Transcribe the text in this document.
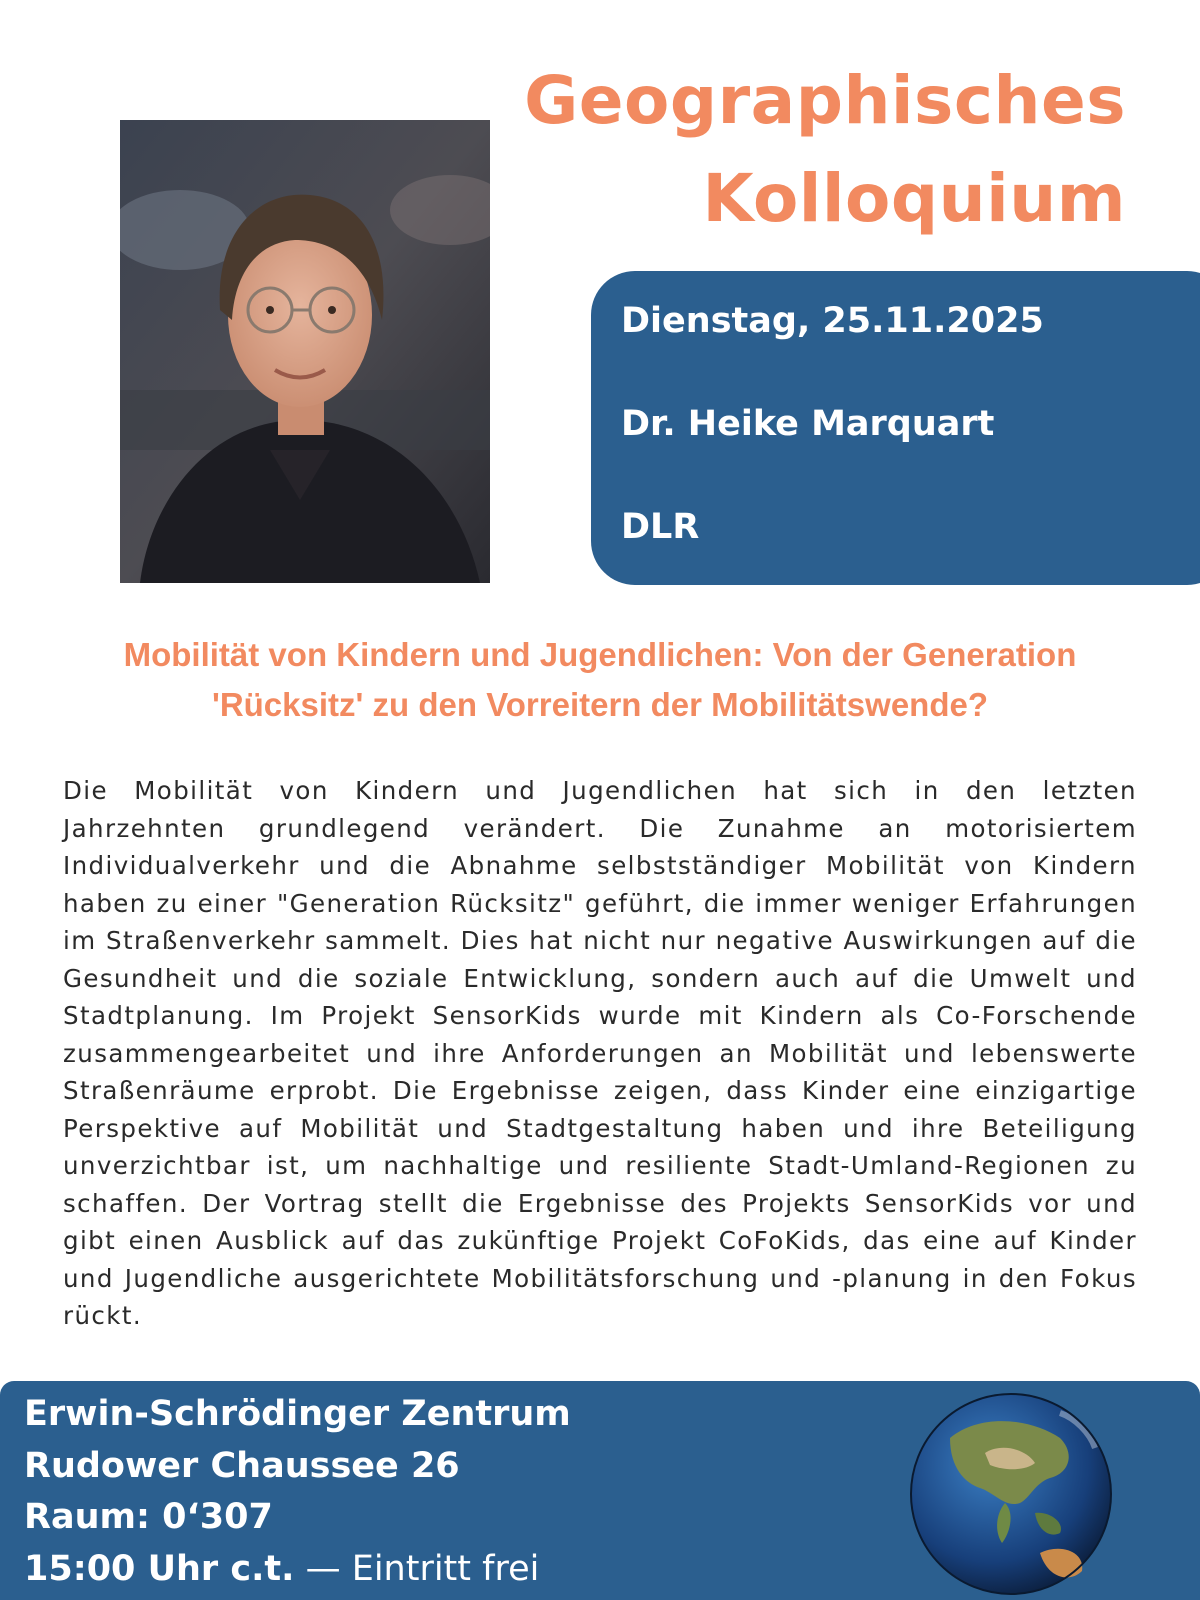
Geographisches
Kolloquium
Dienstag, 25.11.2025
Dr. Heike Marquart
DLR
Mobilität von Kindern und Jugendlichen: Von der Generation
'Rücksitz' zu den Vorreitern der Mobilitätswende?

Die Mobilität von Kindern und Jugendlichen hat sich in den letzten Jahrzehnten grundlegend verändert. Die Zunahme an motorisiertem Individualverkehr und die Abnahme selbstständiger Mobilität von Kindern haben zu einer "Generation Rücksitz" geführt, die immer weniger Erfahrungen im Straßenverkehr sammelt. Dies hat nicht nur negative Auswirkungen auf die Gesundheit und die soziale Entwicklung, sondern auch auf die Umwelt und Stadtplanung. Im Projekt SensorKids wurde mit Kindern als Co-Forschende zusammengearbeitet und ihre Anforderungen an Mobilität und lebenswerte Straßenräume erprobt. Die Ergebnisse zeigen, dass Kinder eine einzigartige Perspektive auf Mobilität und Stadtgestaltung haben und ihre Beteiligung unverzichtbar ist, um nachhaltige und resiliente Stadt-Umland-Regionen zu schaffen. Der Vortrag stellt die Ergebnisse des Projekts SensorKids vor und gibt einen Ausblick auf das zukünftige Projekt CoFoKids, das eine auf Kinder und Jugendliche ausgerichtete Mobilitätsforschung und -planung in den Fokus rückt.

Erwin-Schrödinger Zentrum
Rudower Chaussee 26
Raum: 0‘307
15:00 Uhr c.t. — Eintritt frei
